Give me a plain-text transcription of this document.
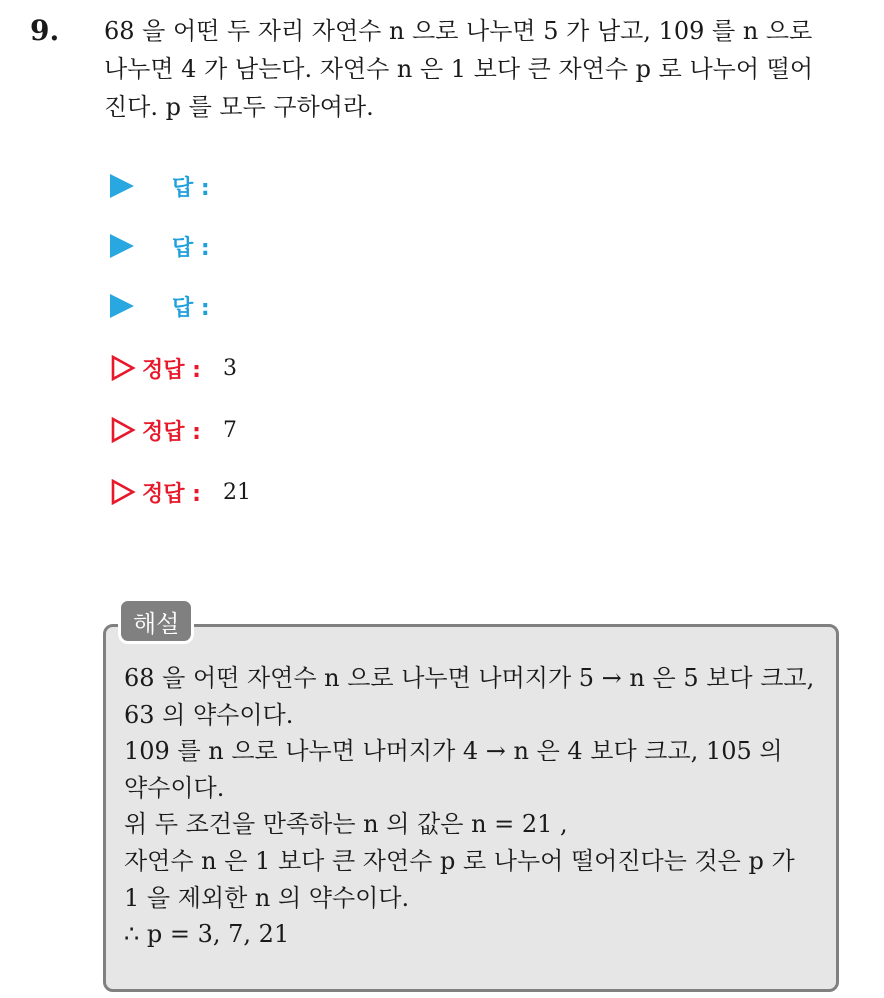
9. 68 을 어떤 두 자리 자연수 n 으로 나누면 5 가 남고, 109 를 n 으로
나누면 4 가 남는다. 자연수 n 은 1 보다 큰 자연수 p 로 나누어 떨어
진다. p 를 모두 구하여라.
답 :
답 :
답 :
정답 : 3
정답 : 7
정답 : 21
해설

68 을 어떤 자연수 n 으로 나누면 나머지가 5 → n 은 5 보다 크고,

63 의 약수이다.

109 를 n 으로 나누면 나머지가 4 → n 은 4 보다 크고, 105 의

약수이다.

위 두 조건을 만족하는 n 의 값은 n = 21 ,

자연수 n 은 1 보다 큰 자연수 p 로 나누어 떨어진다는 것은 p 가

1 을 제외한 n 의 약수이다.

∴ p = 3, 7, 21
